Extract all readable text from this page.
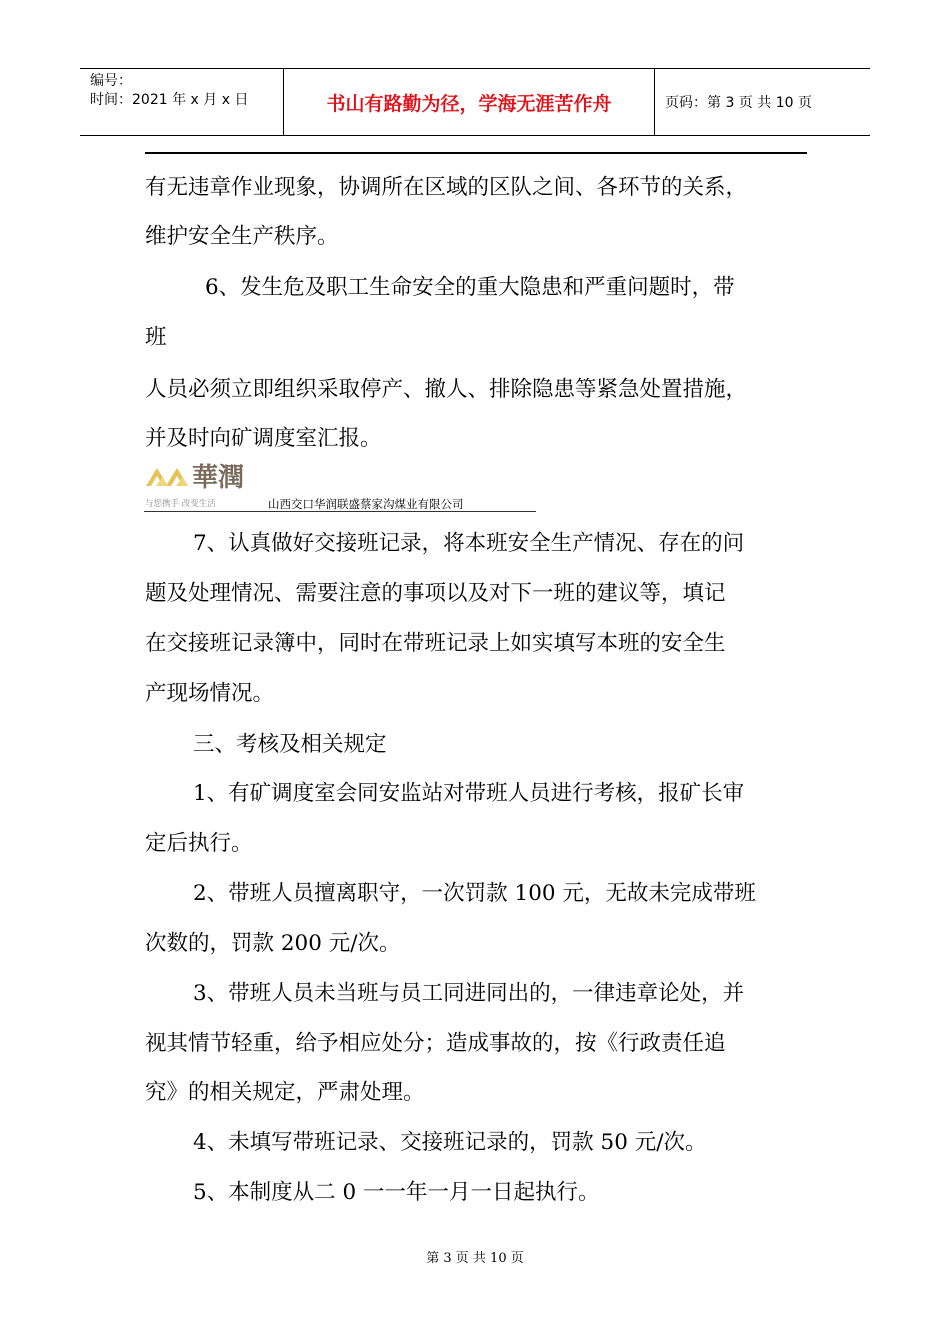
编号：
时间：2021 年 x 月 x 日	书山有路勤为径，学海无涯苦作舟	页码：第 3 页 共 10 页
有无违章作业现象，协调所在区域的区队之间、各环节的关系，
维护安全生产秩序。
6、发生危及职工生命安全的重大隐患和严重问题时，带
班
人员必须立即组织采取停产、撤人、排除隐患等紧急处置措施，
并及时向矿调度室汇报。
華潤
与您携手 改变生活	山西交口华润联盛蔡家沟煤业有限公司
7、认真做好交接班记录，将本班安全生产情况、存在的问
题及处理情况、需要注意的事项以及对下一班的建议等，填记
在交接班记录簿中，同时在带班记录上如实填写本班的安全生
产现场情况。
三、考核及相关规定
1、有矿调度室会同安监站对带班人员进行考核，报矿长审
定后执行。
2、带班人员擅离职守，一次罚款 100 元，无故未完成带班
次数的，罚款 200 元/次。
3、带班人员未当班与员工同进同出的，一律违章论处，并
视其情节轻重，给予相应处分；造成事故的，按《行政责任追
究》的相关规定，严肃处理。
4、未填写带班记录、交接班记录的，罚款 50 元/次。
5、本制度从二 0 一一年一月一日起执行。
第 3 页 共 10 页
